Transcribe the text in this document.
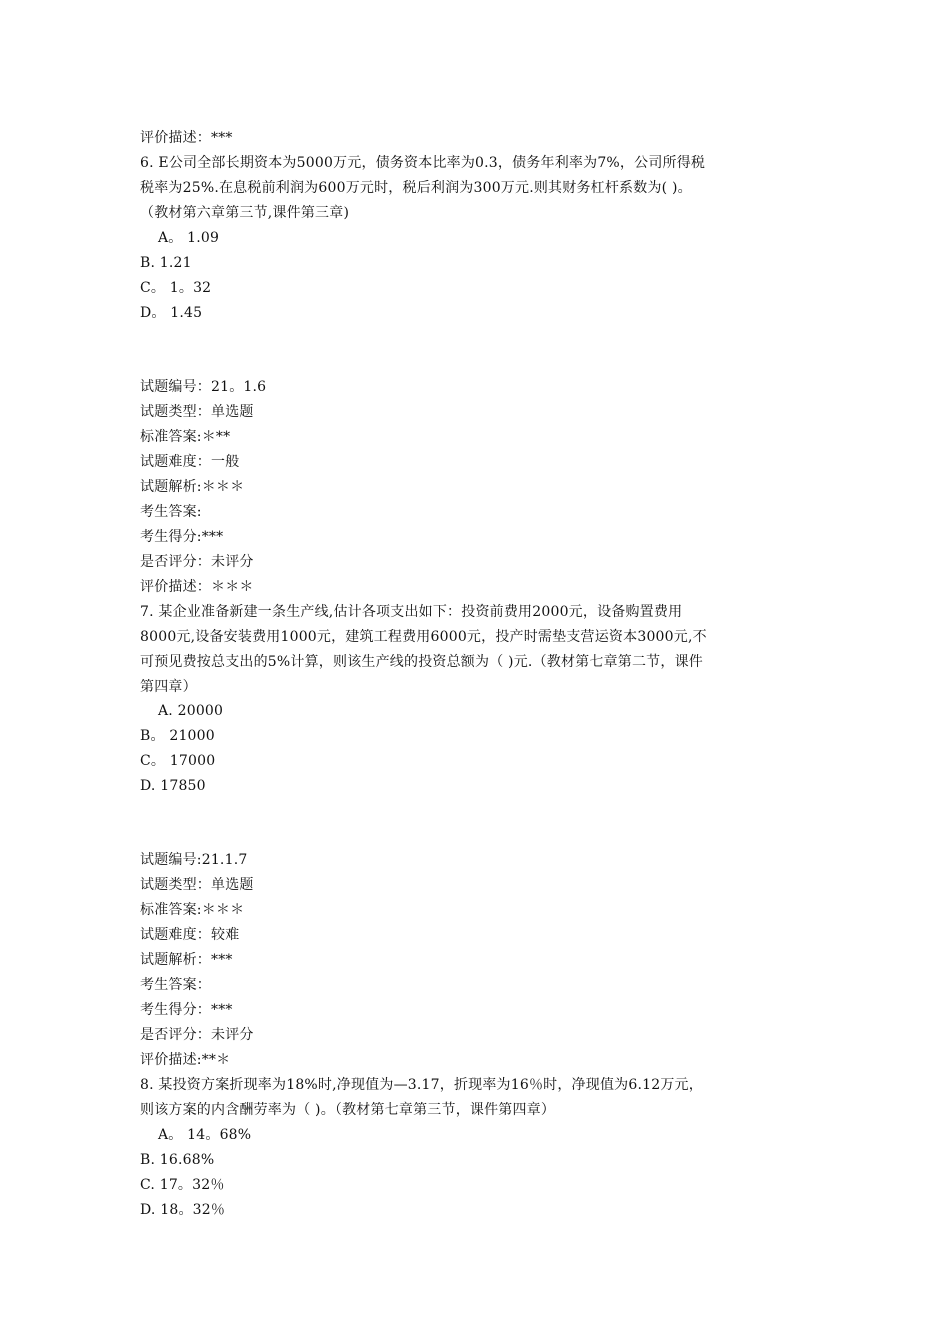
评价描述：***
6. E公司全部长期资本为5000万元，债务资本比率为0.3，债务年利率为7%，公司所得税
税率为25%.在息税前利润为600万元时，税后利润为300万元.则其财务杠杆系数为( )。
（教材第六章第三节,课件第三章)
A。 1.09
B. 1.21
C。 1。32
D。 1.45
试题编号：21。1.6
试题类型：单选题
标准答案:＊**
试题难度：一般
试题解析:＊＊＊
考生答案:
考生得分:***
是否评分：未评分
评价描述：＊＊＊
7. 某企业准备新建一条生产线,估计各项支出如下：投资前费用2000元，设备购置费用
8000元,设备安装费用1000元，建筑工程费用6000元，投产时需垫支营运资本3000元,不
可预见费按总支出的5%计算，则该生产线的投资总额为（ )元.（教材第七章第二节，课件
第四章）
A. 20000
B。 21000
C。 17000
D. 17850
试题编号:21.1.7
试题类型：单选题
标准答案:＊＊＊
试题难度：较难
试题解析：***
考生答案：
考生得分：***
是否评分：未评分
评价描述:**＊
8. 某投资方案折现率为18%时,净现值为—3.17，折现率为16％时，净现值为6.12万元，
则该方案的内含酬劳率为（ )。（教材第七章第三节，课件第四章）
A。 14。68%
B. 16.68%
C. 17。32％
D. 18。32％
